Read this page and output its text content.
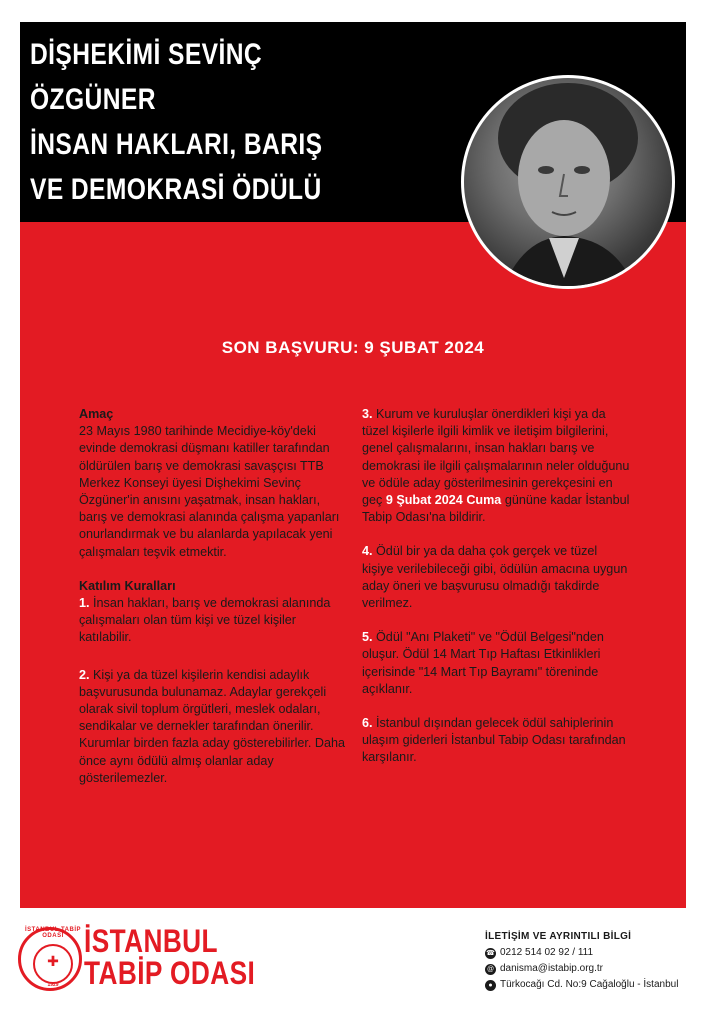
DİŞHEKİMİ SEVİNÇ ÖZGÜNER
İNSAN HAKLARI, BARIŞ
VE DEMOKRASİ ÖDÜLÜ

SON BAŞVURU: 9 ŞUBAT 2024

Amaç
23 Mayıs 1980 tarihinde Mecidiye-köy'deki evinde demokrasi düşmanı katiller tarafından öldürülen barış ve demokrasi savaşçısı TTB Merkez Konseyi üyesi Dişhekimi Sevinç Özgüner'in anısını yaşatmak, insan hakları, barış ve demokrasi alanında çalışma yapanları onurlandırmak ve bu alanlarda yapılacak yeni çalışmaları teşvik etmektir.

Katılım Kuralları
1. İnsan hakları, barış ve demokrasi alanında çalışmaları olan tüm kişi ve tüzel kişiler katılabilir.

2. Kişi ya da tüzel kişilerin kendisi adaylık başvurusunda bulunamaz. Adaylar gerekçeli olarak sivil toplum örgütleri, meslek odaları, sendikalar ve dernekler tarafından önerilir. Kurumlar birden fazla aday gösterebilirler. Daha önce aynı ödülü almış olanlar aday gösterilemezler.

3. Kurum ve kuruluşlar önerdikleri kişi ya da tüzel kişilerle ilgili kimlik ve iletişim bilgilerini, genel çalışmalarını, insan hakları barış ve demokrasi ile ilgili çalışmalarının neler olduğunu ve ödüle aday gösterilmesinin gerekçesini en geç 9 Şubat 2024 Cuma gününe kadar İstanbul Tabip Odası'na bildirir.

4. Ödül bir ya da daha çok gerçek ve tüzel kişiye verilebileceği gibi, ödülün amacına uygun aday öneri ve başvurusu olmadığı takdirde verilmez.

5. Ödül "Anı Plaketi" ve "Ödül Belgesi"nden oluşur. Ödül 14 Mart Tıp Haftası Etkinlikleri içerisinde "14 Mart Tıp Bayramı" töreninde açıklanır.

6. İstanbul dışından gelecek ödül sahiplerinin ulaşım giderleri İstanbul Tabip Odası tarafından karşılanır.

İSTANBUL TABİP ODASI
✚
1929
İSTANBUL
TABİP ODASI
İLETİŞİM VE AYRINTILI BİLGİ
☎ 0212 514 02 92 / 111
@ danisma@istabip.org.tr
● Türkocağı Cd. No:9 Cağaloğlu - İstanbul
